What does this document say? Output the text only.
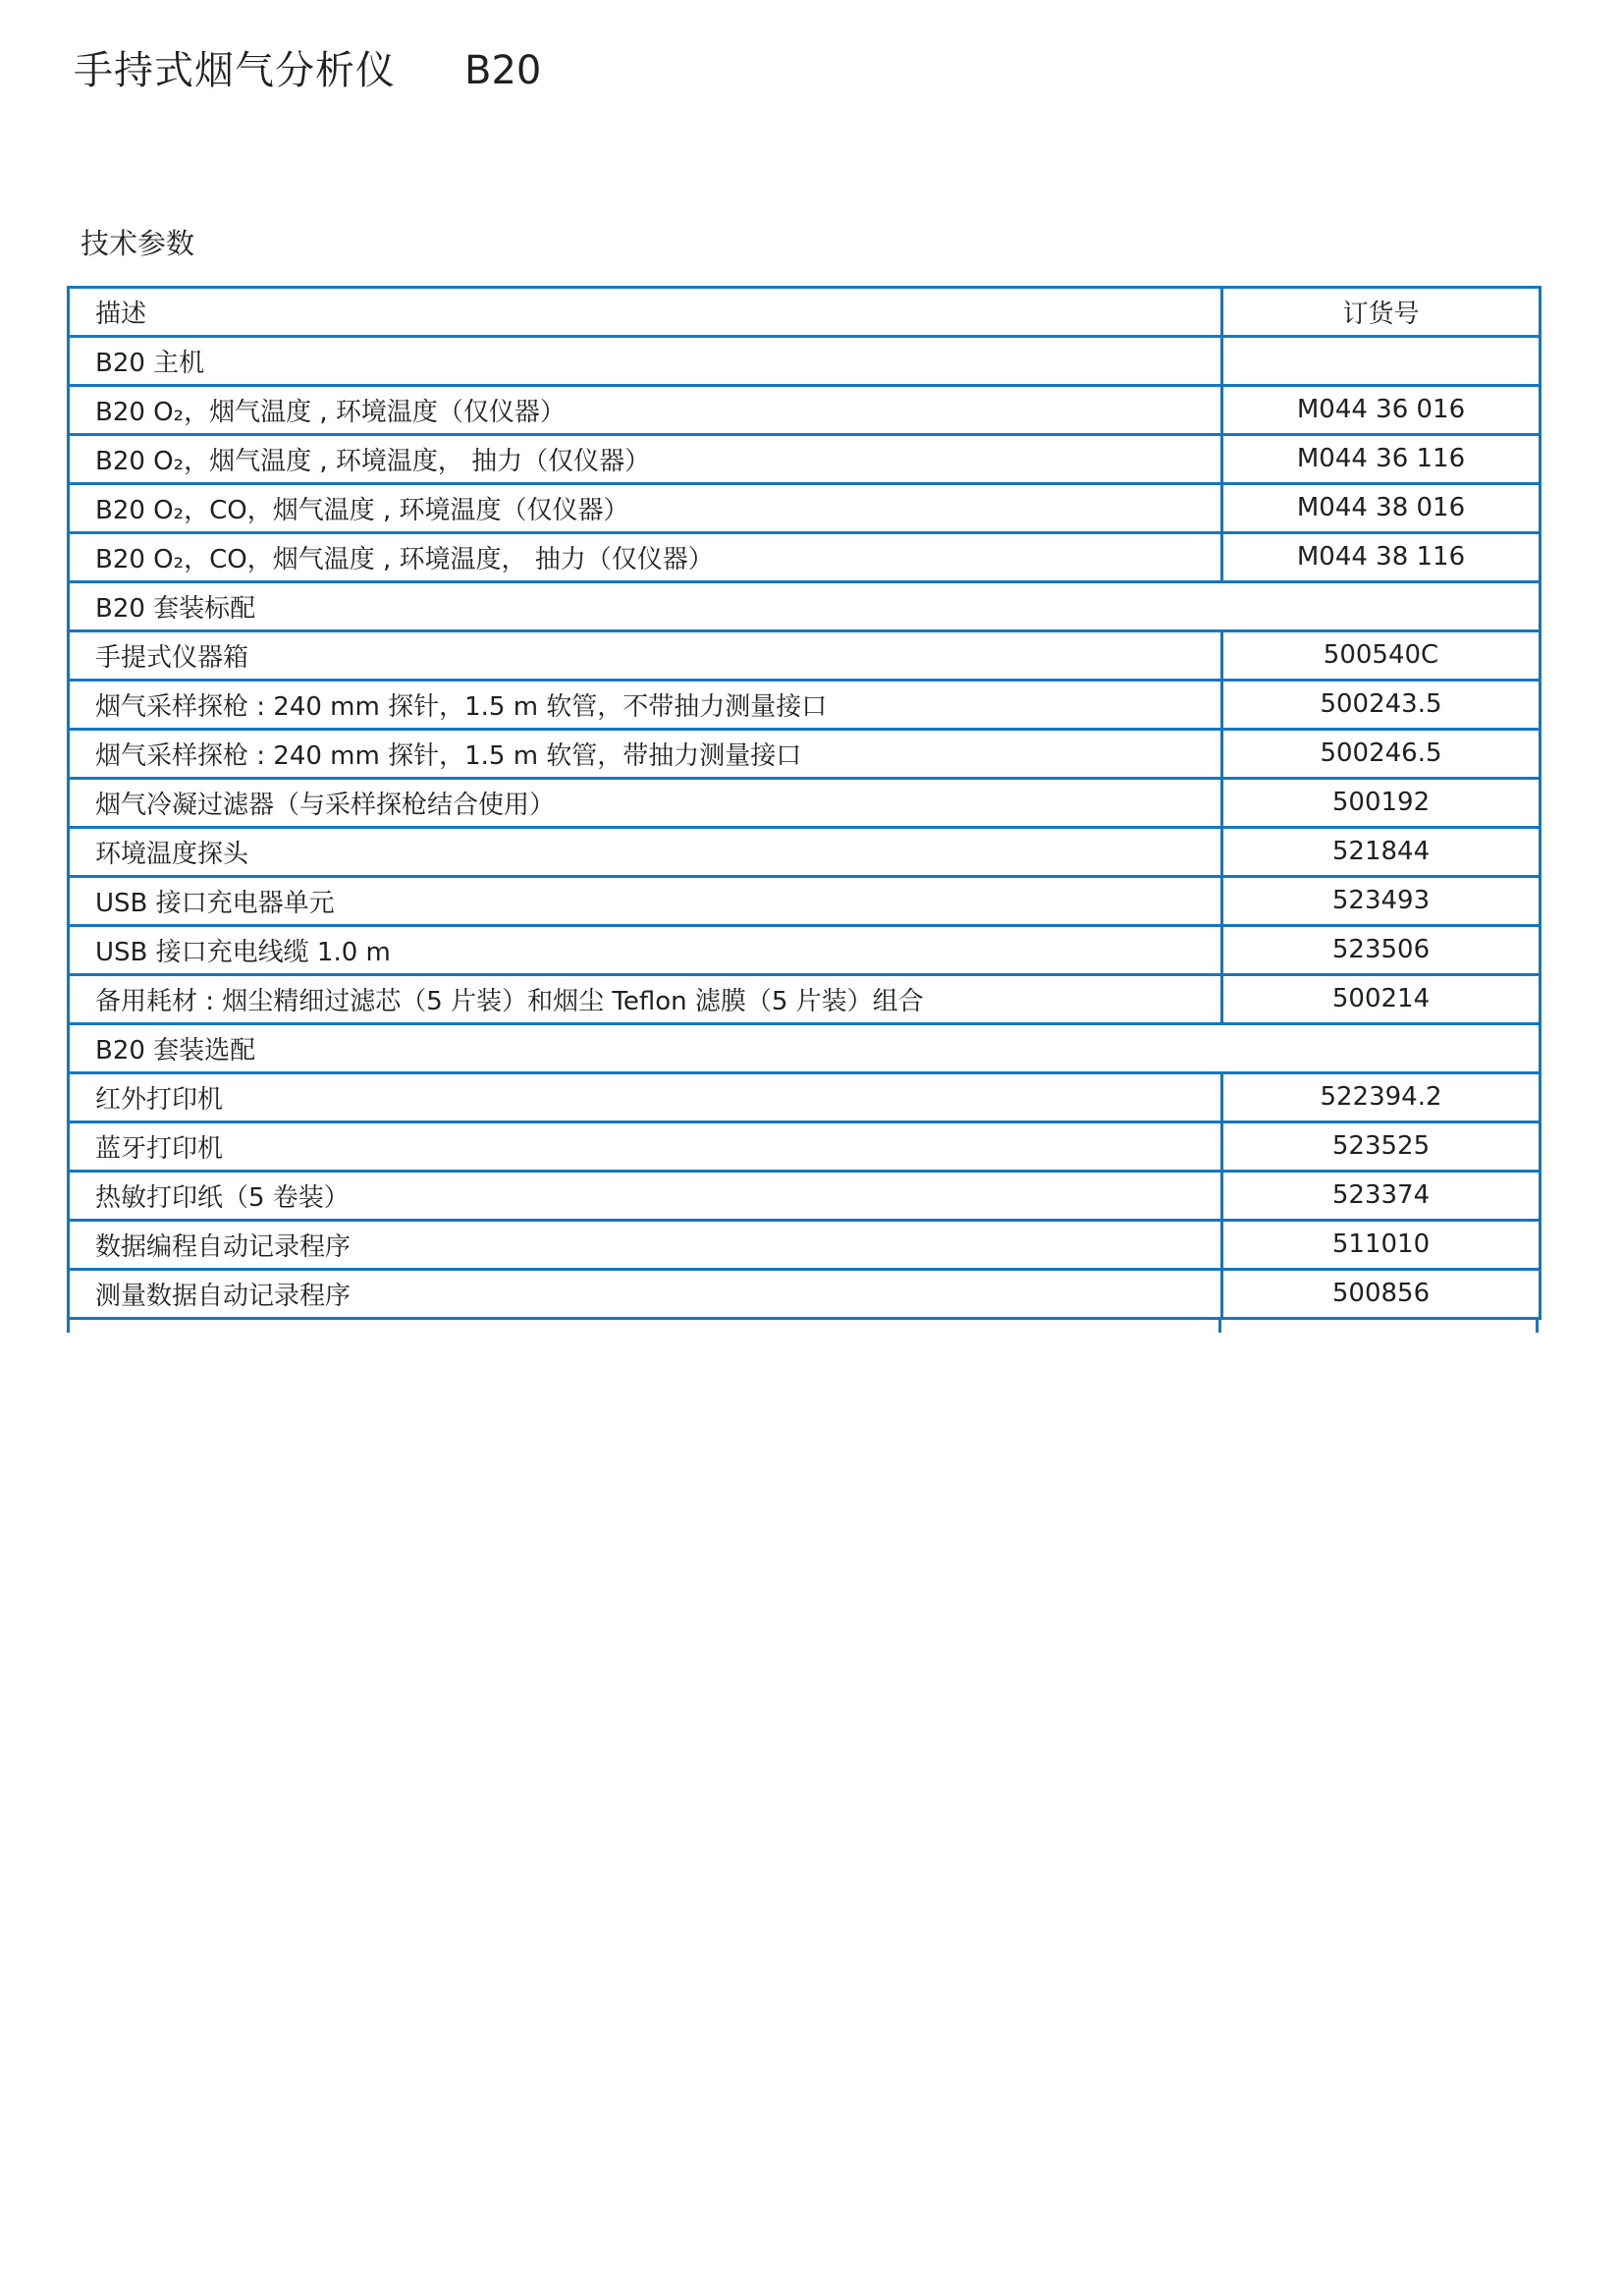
手持式烟气分析仪 B20
技术参数
描述	订货号
B20 主机	
B20 O₂，烟气温度 , 环境温度（仅仪器）	M044 36 016
B20 O₂，烟气温度 , 环境温度， 抽力（仅仪器）	M044 36 116
B20 O₂，CO，烟气温度 , 环境温度（仅仪器）	M044 38 016
B20 O₂，CO，烟气温度 , 环境温度， 抽力（仅仪器）	M044 38 116
B20 套装标配	
手提式仪器箱	500540C
烟气采样探枪 : 240 mm 探针，1.5 m 软管，不带抽力测量接口	500243.5
烟气采样探枪 : 240 mm 探针，1.5 m 软管，带抽力测量接口	500246.5
烟气冷凝过滤器（与采样探枪结合使用）	500192
环境温度探头	521844
USB 接口充电器单元	523493
USB 接口充电线缆 1.0 m	523506
备用耗材 : 烟尘精细过滤芯（5 片装）和烟尘 Teflon 滤膜（5 片装）组合	500214
B20 套装选配	
红外打印机	522394.2
蓝牙打印机	523525
热敏打印纸（5 卷装）	523374
数据编程自动记录程序	511010
测量数据自动记录程序	500856
